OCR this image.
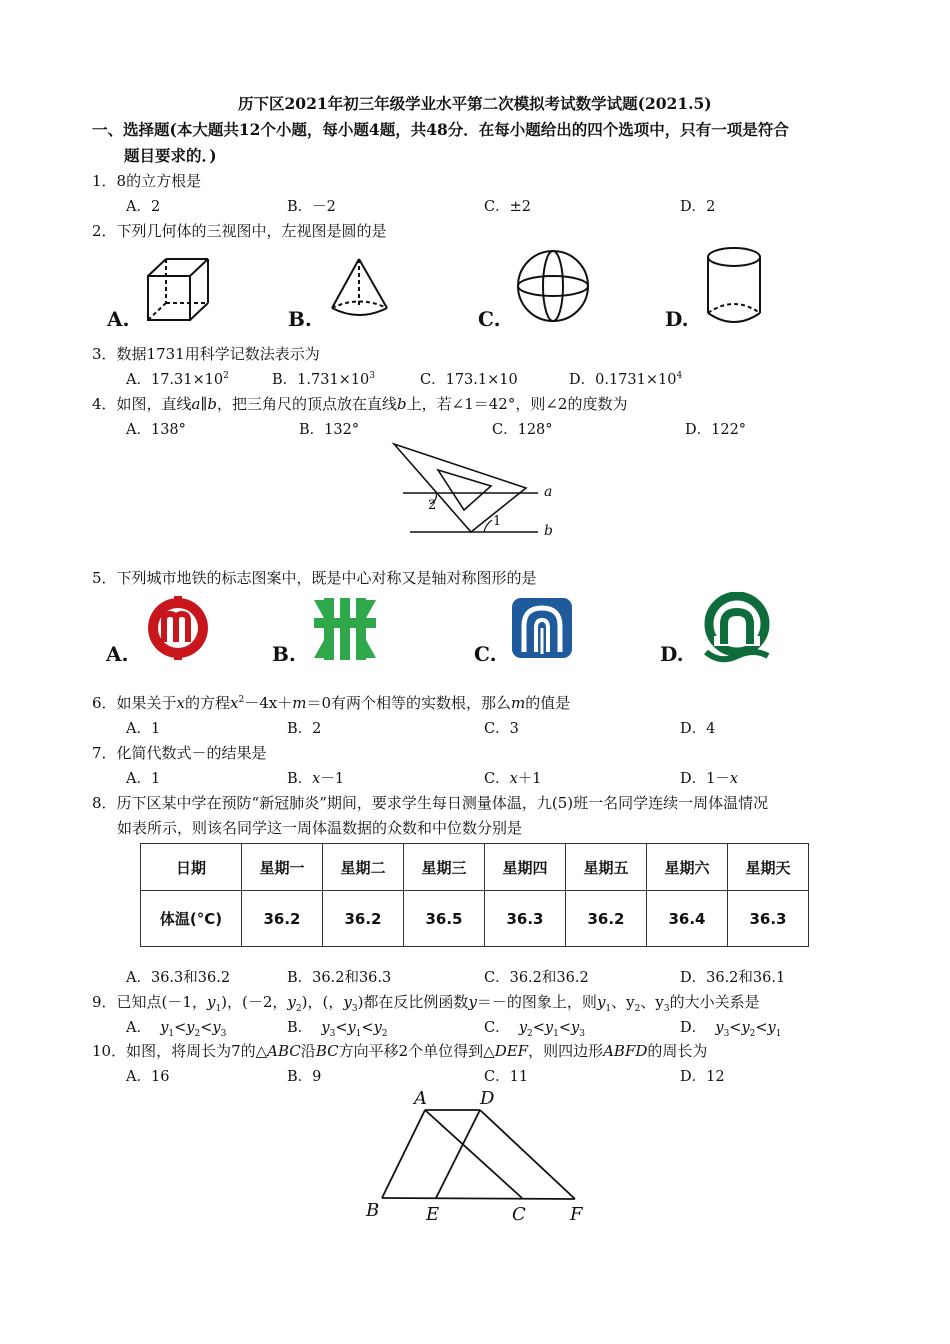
历下区2021年初三年级学业水平第二次模拟考试数学试题(2021.5)
一、选择题(本大题共12个小题，每小题4题，共48分．在每小题给出的四个选项中，只有一项是符合
题目要求的．)
1．8的立方根是
A．2	B．－2	C．±2	D．2
2．下列几何体的三视图中，左视图是圆的是
A.	B.	C.	D.
3．数据1731用科学记数法表示为
A．$17.31\times 10^2$	B．$1.731\times 10^3$	C．173.1×10	D．$0.1731\times 10^4$
4．如图，直线a∥b，把三角尺的顶点放在直线b上，若∠1＝42°，则∠2的度数为
A．138°	B．132°	C．128°	D．122°
a
b
1
2
5．下列城市地铁的标志图案中，既是中心对称又是轴对称图形的是
A.	B.	C.	D.
6．如果关于x的方程$x^2-4x+m=0$有两个相等的实数根，那么m的值是
A．1	B．2	C．3	D．4
7．化简代数式－的结果是
A．1	B．x－1	C．x＋1	D．1－x
8．历下区某中学在预防“新冠肺炎”期间，要求学生每日测量体温，九(5)班一名同学连续一周体温情况
如表所示，则该名同学这一周体温数据的众数和中位数分别是
日期	星期一	星期二	星期三	星期四	星期五	星期六	星期天
体温(°C)	36.2	36.2	36.5	36.3	36.2	36.4	36.3
A．36.3和36.2	B．36.2和36.3	C．36.2和36.2	D．36.2和36.1
9．已知点(－1，$y_1$)，(－2，$y_2$)，(，$y_3$)都在反比例函数y＝－的图象上，则$y_1$、$y_2$、$y_3$的大小关系是
A． $y_1<y_2<y_3$	B． $y_3<y_1<y_2$	C． $y_2<y_1<y_3$	D． $y_3<y_2<y_1$
10．如图，将周长为7的△ABC沿BC方向平移2个单位得到△DEF，则四边形ABFD的周长为
A．16	B．9	C．11	D．12
A	D
B	E	C F
